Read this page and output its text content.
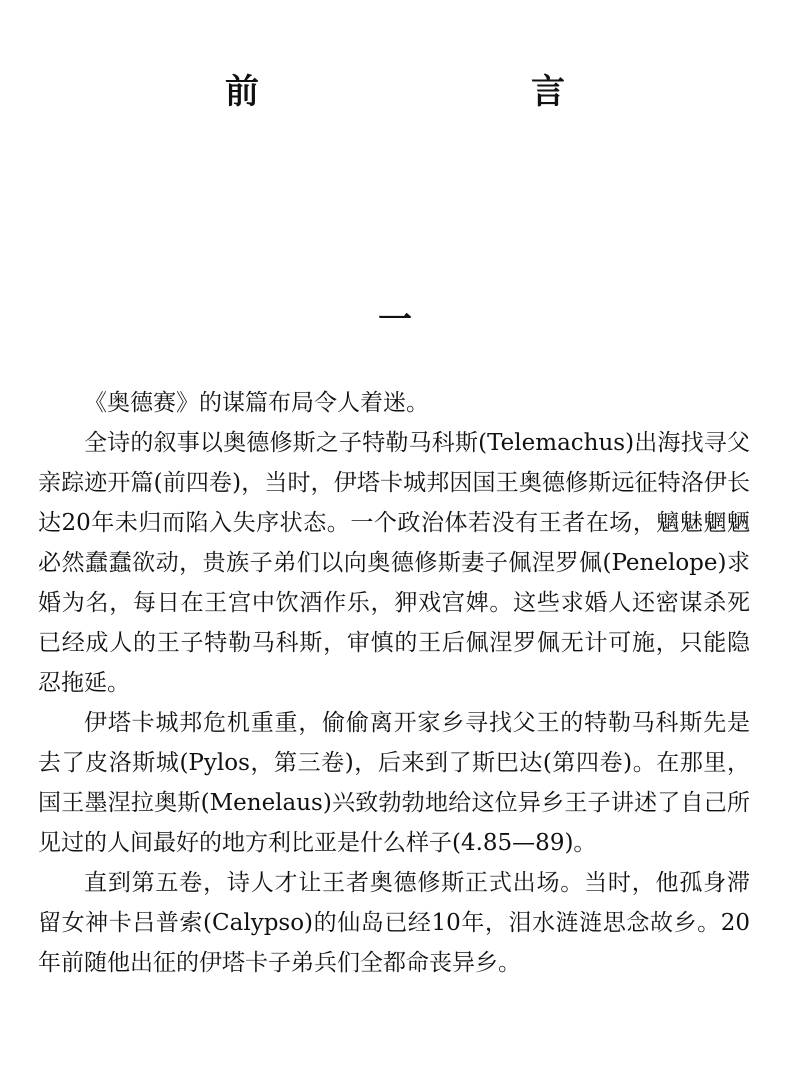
前　　言
一

《奥德赛》的谋篇布局令人着迷。

全诗的叙事以奥德修斯之子特勒马科斯(Telemachus)出海找寻父亲踪迹开篇(前四卷)，当时，伊塔卡城邦因国王奥德修斯远征特洛伊长达20年未归而陷入失序状态。一个政治体若没有王者在场，魑魅魍魉必然蠢蠢欲动，贵族子弟们以向奥德修斯妻子佩涅罗佩(Penelope)求婚为名，每日在王宫中饮酒作乐，狎戏宫婢。这些求婚人还密谋杀死已经成人的王子特勒马科斯，审慎的王后佩涅罗佩无计可施，只能隐忍拖延。

伊塔卡城邦危机重重，偷偷离开家乡寻找父王的特勒马科斯先是去了皮洛斯城(Pylos，第三卷)，后来到了斯巴达(第四卷)。在那里，国王墨涅拉奥斯(Menelaus)兴致勃勃地给这位异乡王子讲述了自己所见过的人间最好的地方利比亚是什么样子(4.85—89)。

直到第五卷，诗人才让王者奥德修斯正式出场。当时，他孤身滞留女神卡吕普索(Calypso)的仙岛已经10年，泪水涟涟思念故乡。20年前随他出征的伊塔卡子弟兵们全都命丧异乡。
